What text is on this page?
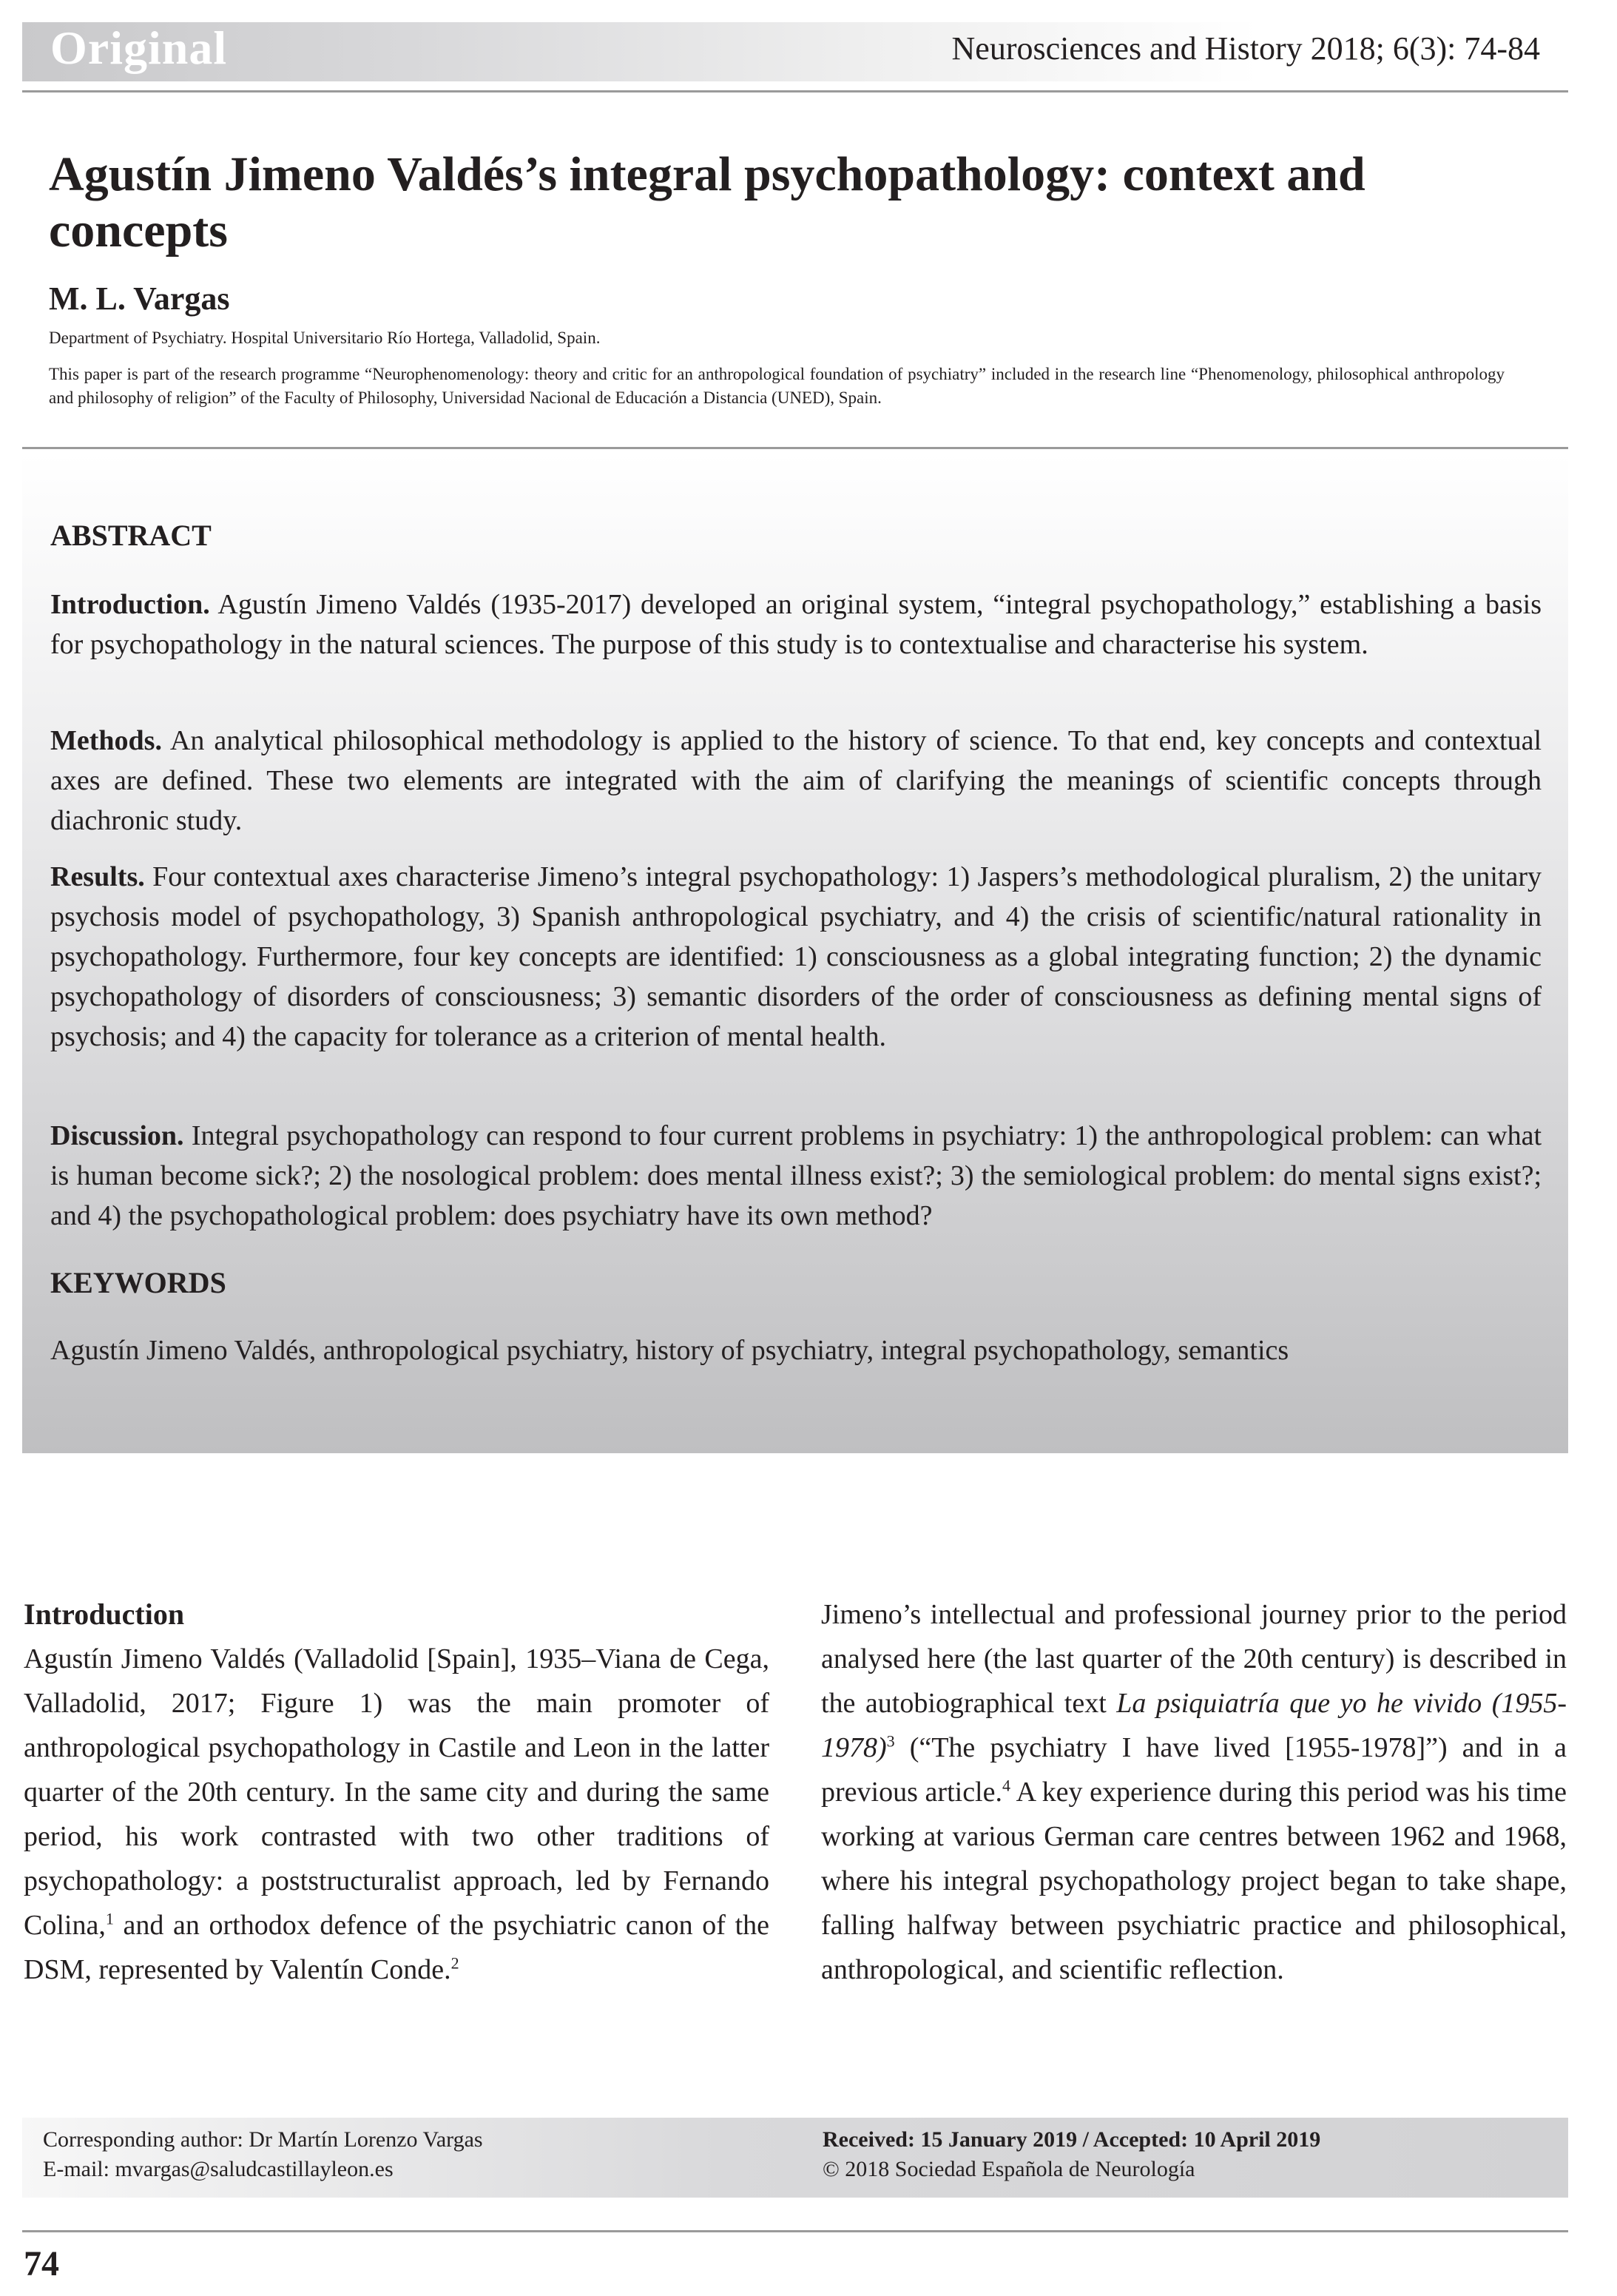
Original	Neurosciences and History 2018; 6(3): 74-84
Agustín Jimeno Valdés’s integral psychopathology: context and concepts
M. L. Vargas
Department of Psychiatry. Hospital Universitario Río Hortega, Valladolid, Spain.
This paper is part of the research programme “Neurophenomenology: theory and critic for an anthropological foundation of psychiatry” included in the research line “Phenomenology, philosophical anthropology and philosophy of religion” of the Faculty of Philosophy, Universidad Nacional de Educación a Distancia (UNED), Spain.
ABSTRACT

Introduction. Agustín Jimeno Valdés (1935-2017) developed an original system, “integral psychopathology,” establishing a basis for psychopathology in the natural sciences. The purpose of this study is to contextualise and characterise his system.

Methods. An analytical philosophical methodology is applied to the history of science. To that end, key concepts and contextual axes are defined. These two elements are integrated with the aim of clarifying the meanings of scientific concepts through diachronic study.

Results. Four contextual axes characterise Jimeno’s integral psychopathology: 1) Jaspers’s methodological pluralism, 2) the unitary psychosis model of psychopathology, 3) Spanish anthropological psychiatry, and 4) the crisis of scientific/natural rationality in psychopathology. Furthermore, four key concepts are identified: 1) consciousness as a global integrating function; 2) the dynamic psychopathology of disorders of consciousness; 3) semantic disorders of the order of consciousness as defining mental signs of psychosis; and 4) the capacity for tolerance as a criterion of mental health.

Discussion. Integral psychopathology can respond to four current problems in psychiatry: 1) the anthropological problem: can what is human become sick?; 2) the nosological problem: does mental illness exist?; 3) the semiological problem: do mental signs exist?; and 4) the psychopathological problem: does psychiatry have its own method?

KEYWORDS

Agustín Jimeno Valdés, anthropological psychiatry, history of psychiatry, integral psychopathology, semantics

Introduction

Agustín Jimeno Valdés (Valladolid [Spain], 1935–Viana de Cega, Valladolid, 2017; Figure 1) was the main promoter of anthropological psychopathology in Castile and Leon in the latter quarter of the 20th century. In the same city and during the same period, his work contrasted with two other traditions of psychopathology: a poststructuralist approach, led by Fernando Colina,$^1$ and an orthodox defence of the psychiatric canon of the DSM, represented by Valentín Conde.$^2$

Jimeno’s intellectual and professional journey prior to the period analysed here (the last quarter of the 20th century) is described in the autobiographical text La psiquiatría que yo he vivido (1955-1978)$^3$ (“The psychiatry I have lived [1955-1978]”) and in a previous article.$^4$ A key experience during this period was his time working at various German care centres between 1962 and 1968, where his integral psychopathology project began to take shape, falling halfway between psychiatric practice and philosophical, anthropological, and scientific reflection.

Corresponding author: Dr Martín Lorenzo Vargas
E-mail: mvargas@saludcastillayleon.es
Received: 15 January 2019 / Accepted: 10 April 2019
© 2018 Sociedad Española de Neurología
74
